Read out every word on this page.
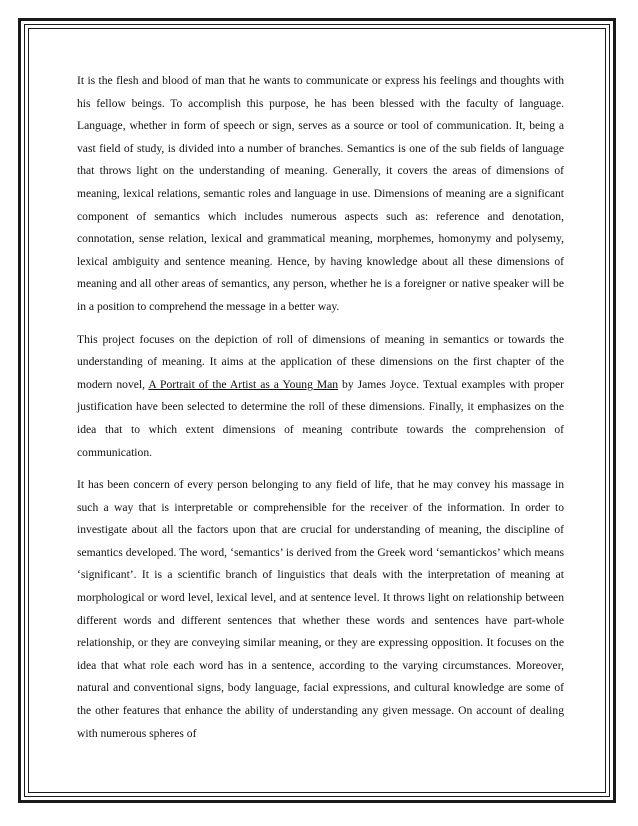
It is the flesh and blood of man that he wants to communicate or express his feelings and thoughts with his fellow beings. To accomplish this purpose, he has been blessed with the faculty of language. Language, whether in form of speech or sign, serves as a source or tool of communication. It, being a vast field of study, is divided into a number of branches. Semantics is one of the sub fields of language that throws light on the understanding of meaning. Generally, it covers the areas of dimensions of meaning, lexical relations, semantic roles and language in use. Dimensions of meaning are a significant component of semantics which includes numerous aspects such as: reference and denotation, connotation, sense relation, lexical and grammatical meaning, morphemes, homonymy and polysemy, lexical ambiguity and sentence meaning. Hence, by having knowledge about all these dimensions of meaning and all other areas of semantics, any person, whether he is a foreigner or native speaker will be in a position to comprehend the message in a better way.

This project focuses on the depiction of roll of dimensions of meaning in semantics or towards the understanding of meaning. It aims at the application of these dimensions on the first chapter of the modern novel, A Portrait of the Artist as a Young Man by James Joyce. Textual examples with proper justification have been selected to determine the roll of these dimensions. Finally, it emphasizes on the idea that to which extent dimensions of meaning contribute towards the comprehension of communication.

It has been concern of every person belonging to any field of life, that he may convey his massage in such a way that is interpretable or comprehensible for the receiver of the information. In order to investigate about all the factors upon that are crucial for understanding of meaning, the discipline of semantics developed. The word, ‘semantics’ is derived from the Greek word ‘semantickos’ which means ‘significant’. It is a scientific branch of linguistics that deals with the interpretation of meaning at morphological or word level, lexical level, and at sentence level. It throws light on relationship between different words and different sentences that whether these words and sentences have part-whole relationship, or they are conveying similar meaning, or they are expressing opposition. It focuses on the idea that what role each word has in a sentence, according to the varying circumstances. Moreover, natural and conventional signs, body language, facial expressions, and cultural knowledge are some of the other features that enhance the ability of understanding any given message. On account of dealing with numerous spheres of
